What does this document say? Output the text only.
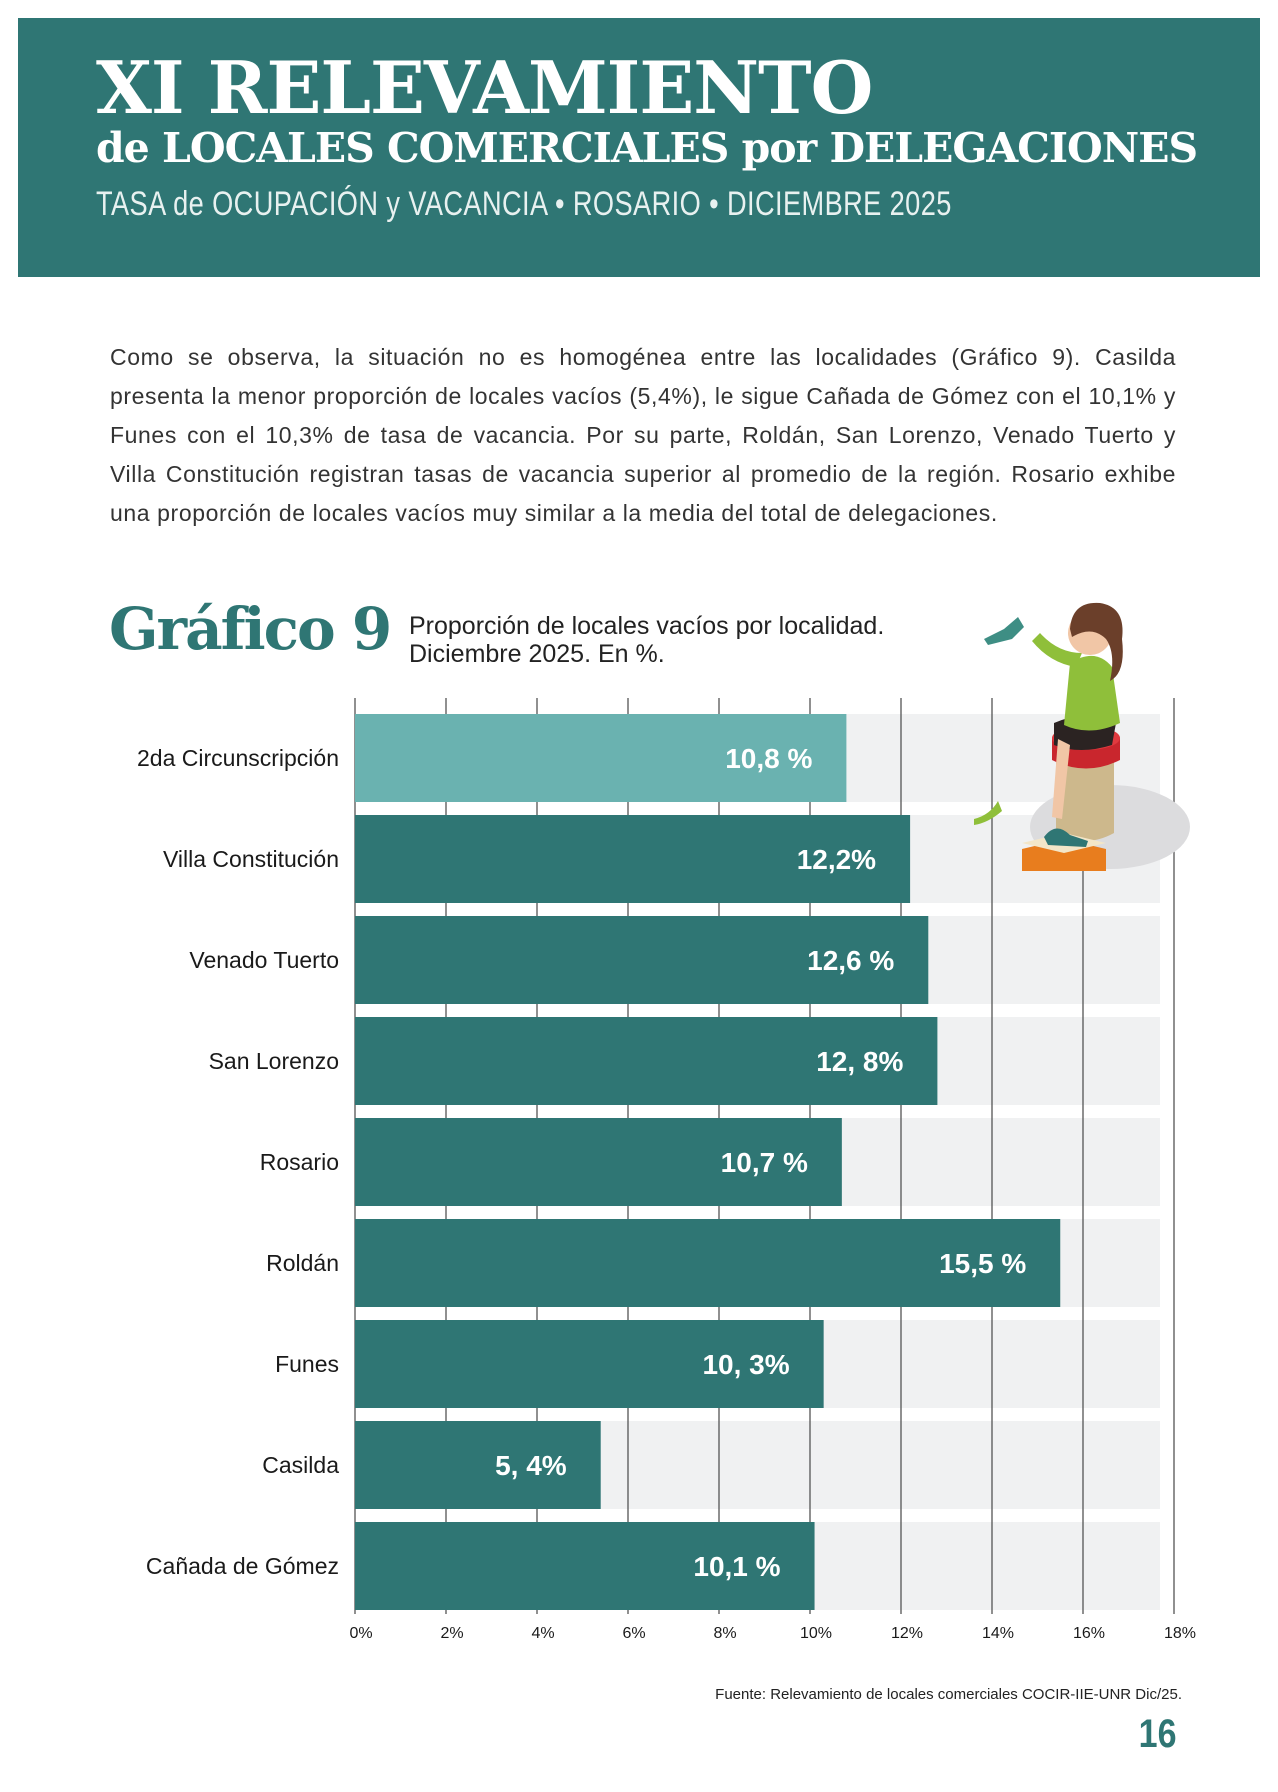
XI RELEVAMIENTO
de LOCALES COMERCIALES por DELEGACIONES

TASA de OCUPACIÓN y VACANCIA • ROSARIO • DICIEMBRE 2025

Como se observa, la situación no es homogénea entre las localidades (Gráfico 9). Casilda presenta la menor proporción de locales vacíos (5,4%), le sigue Cañada de Gómez con el 10,1% y Funes con el 10,3% de tasa de vacancia. Por su parte, Roldán, San Lorenzo, Venado Tuerto y Villa Constitución registran tasas de vacancia superior al promedio de la región. Rosario exhibe una proporción de locales vacíos muy similar a la media del total de delegaciones.

Gráfico 9 Proporción de locales vacíos por localidad.
Diciembre 2025. En %.
10,8 %
2da Circunscripción
12,2%
Villa Constitución
12,6 %
Venado Tuerto
12, 8%
San Lorenzo
10,7 %
Rosario
15,5 %
Roldán
10, 3%
Funes
5, 4%
Casilda
10,1 %
Cañada de Gómez
0%	2%	4%	6%	8%	10%	12%	14%	16%	18%

Fuente: Relevamiento de locales comerciales COCIR-IIE-UNR Dic/25.

16
